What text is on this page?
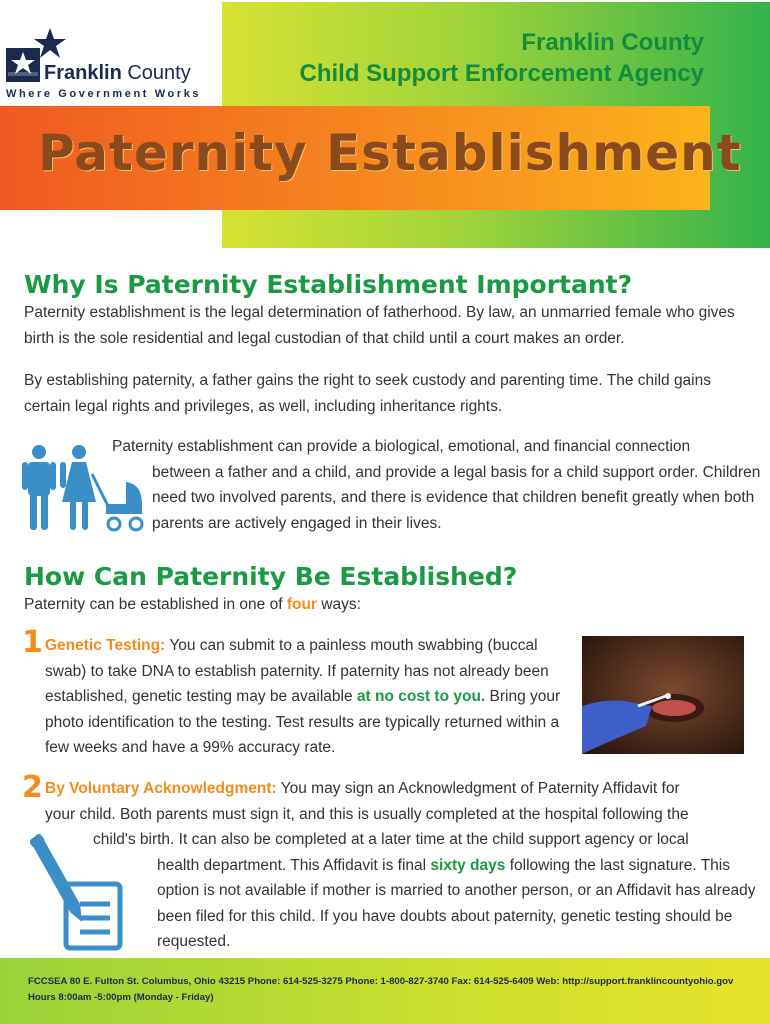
Franklin County
Where Government Works
Franklin County
Child Support Enforcement Agency
Paternity Establishment
Why Is Paternity Establishment Important?
Paternity establishment is the legal determination of fatherhood. By law, an unmarried female who gives birth is the sole residential and legal custodian of that child until a court makes an order.
By establishing paternity, a father gains the right to seek custody and parenting time. The child gains certain legal rights and privileges, as well, including inheritance rights.
Paternity establishment can provide a biological, emotional, and financial connection
between a father and a child, and provide a legal basis for a child support order. Children need two involved parents, and there is evidence that children benefit greatly when both parents are actively engaged in their lives.
How Can Paternity Be Established?
Paternity can be established in one of four ways:
1 Genetic Testing: You can submit to a painless mouth swabbing (buccal swab) to take DNA to establish paternity. If paternity has not already been established, genetic testing may be available at no cost to you. Bring your photo identification to the testing. Test results are typically returned within a few weeks and have a 99% accuracy rate.
2 By Voluntary Acknowledgment: You may sign an Acknowledgment of Paternity Affidavit for
your child. Both parents must sign it, and this is usually completed at the hospital following the
child's birth. It can also be completed at a later time at the child support agency or local
health department. This Affidavit is final sixty days following the last signature. This option is not available if mother is married to another person, or an Affidavit has already been filed for this child. If you have doubts about paternity, genetic testing should be requested.
FCCSEA 80 E. Fulton St. Columbus, Ohio 43215 Phone: 614-525-3275 Phone: 1-800-827-3740 Fax: 614-525-6409 Web: http://support.franklincountyohio.gov
Hours 8:00am -5:00pm (Monday - Friday)
